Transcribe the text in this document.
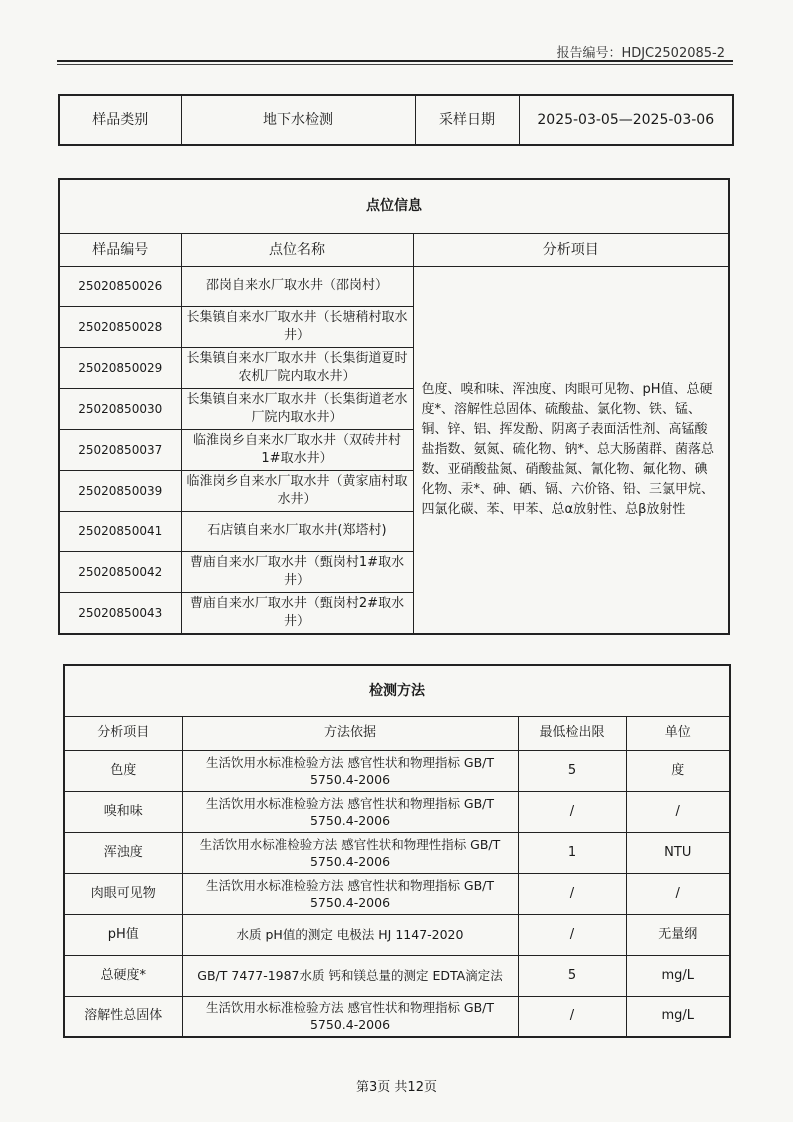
报告编号：HDJC2502085-2
样品类别	地下水检测	采样日期	2025-03-05—2025-03-06
点位信息		
样品编号	点位名称	分析项目
25020850026	邵岗自来水厂取水井（邵岗村）	色度、嗅和味、浑浊度、肉眼可见物、pH值、总硬度*、溶解性总固体、硫酸盐、氯化物、铁、锰、铜、锌、铝、挥发酚、阴离子表面活性剂、高锰酸盐指数、氨氮、硫化物、钠*、总大肠菌群、菌落总数、亚硝酸盐氮、硝酸盐氮、氰化物、氟化物、碘化物、汞*、砷、硒、镉、六价铬、铅、三氯甲烷、四氯化碳、苯、甲苯、总α放射性、总β放射性
25020850028	长集镇自来水厂取水井（长塘稍村取水井）	
25020850029	长集镇自来水厂取水井（长集街道夏时农机厂院内取水井）	
25020850030	长集镇自来水厂取水井（长集街道老水厂院内取水井）	
25020850037	临淮岗乡自来水厂取水井（双砖井村1#取水井）	
25020850039	临淮岗乡自来水厂取水井（黄家庙村取水井）	
25020850041	石店镇自来水厂取水井(郑塔村)	
25020850042	曹庙自来水厂取水井（甄岗村1#取水井）	
25020850043	曹庙自来水厂取水井（甄岗村2#取水井）	
检测方法			
分析项目	方法依据	最低检出限	单位
色度	生活饮用水标准检验方法 感官性状和物理指标 GB/T 5750.4-2006	5	度
嗅和味	生活饮用水标准检验方法 感官性状和物理指标 GB/T 5750.4-2006	/	/
浑浊度	生活饮用水标准检验方法 感官性状和物理性指标 GB/T 5750.4-2006	1	NTU
肉眼可见物	生活饮用水标准检验方法 感官性状和物理指标 GB/T 5750.4-2006	/	/
pH值	水质 pH值的测定 电极法 HJ 1147-2020	/	无量纲
总硬度*	GB/T 7477-1987水质 钙和镁总量的测定 EDTA滴定法	5	mg/L
溶解性总固体	生活饮用水标准检验方法 感官性状和物理指标 GB/T 5750.4-2006	/	mg/L
第3页 共12页
